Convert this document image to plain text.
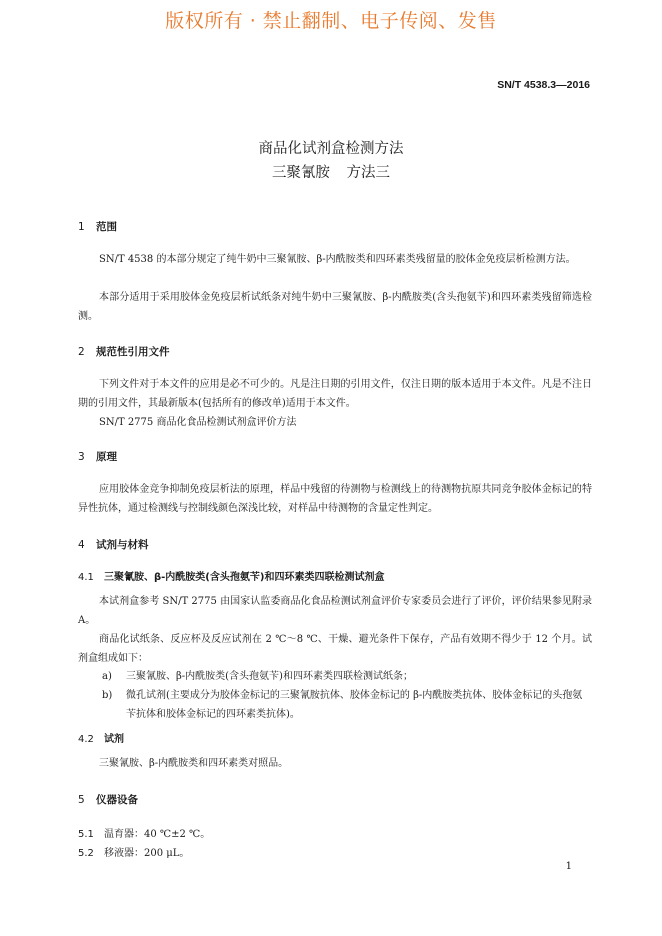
版权所有 · 禁止翻制、电子传阅、发售
SN/T 4538.3—2016
商品化试剂盒检测方法
三聚氰胺 方法三
1 范围
SN/T 4538 的本部分规定了纯牛奶中三聚氰胺、β-内酰胺类和四环素类残留量的胶体金免疫层析检测方法。
本部分适用于采用胶体金免疫层析试纸条对纯牛奶中三聚氰胺、β-内酰胺类(含头孢氨苄)和四环素类残留筛选检测。
2 规范性引用文件
下列文件对于本文件的应用是必不可少的。凡是注日期的引用文件，仅注日期的版本适用于本文件。凡是不注日期的引用文件，其最新版本(包括所有的修改单)适用于本文件。
SN/T 2775 商品化食品检测试剂盒评价方法
3 原理
应用胶体金竞争抑制免疫层析法的原理，样品中残留的待测物与检测线上的待测物抗原共同竞争胶体金标记的特异性抗体，通过检测线与控制线颜色深浅比较，对样品中待测物的含量定性判定。
4 试剂与材料
4.1 三聚氰胺、β-内酰胺类(含头孢氨苄)和四环素类四联检测试剂盒
本试剂盒参考 SN/T 2775 由国家认监委商品化食品检测试剂盒评价专家委员会进行了评价，评价结果参见附录 A。
商品化试纸条、反应杯及反应试剂在 2 ℃～8 ℃、干燥、避光条件下保存，产品有效期不得少于 12 个月。试剂盒组成如下：
a) 三聚氰胺、β-内酰胺类(含头孢氨苄)和四环素类四联检测试纸条；
b) 微孔试剂(主要成分为胶体金标记的三聚氰胺抗体、胶体金标记的 β-内酰胺类抗体、胶体金标记的头孢氨苄抗体和胶体金标记的四环素类抗体)。
4.2 试剂
三聚氰胺、β-内酰胺类和四环素类对照品。
5 仪器设备
5.1 温育器：40 ℃±2 ℃。
5.2 移液器：200 μL。
1
